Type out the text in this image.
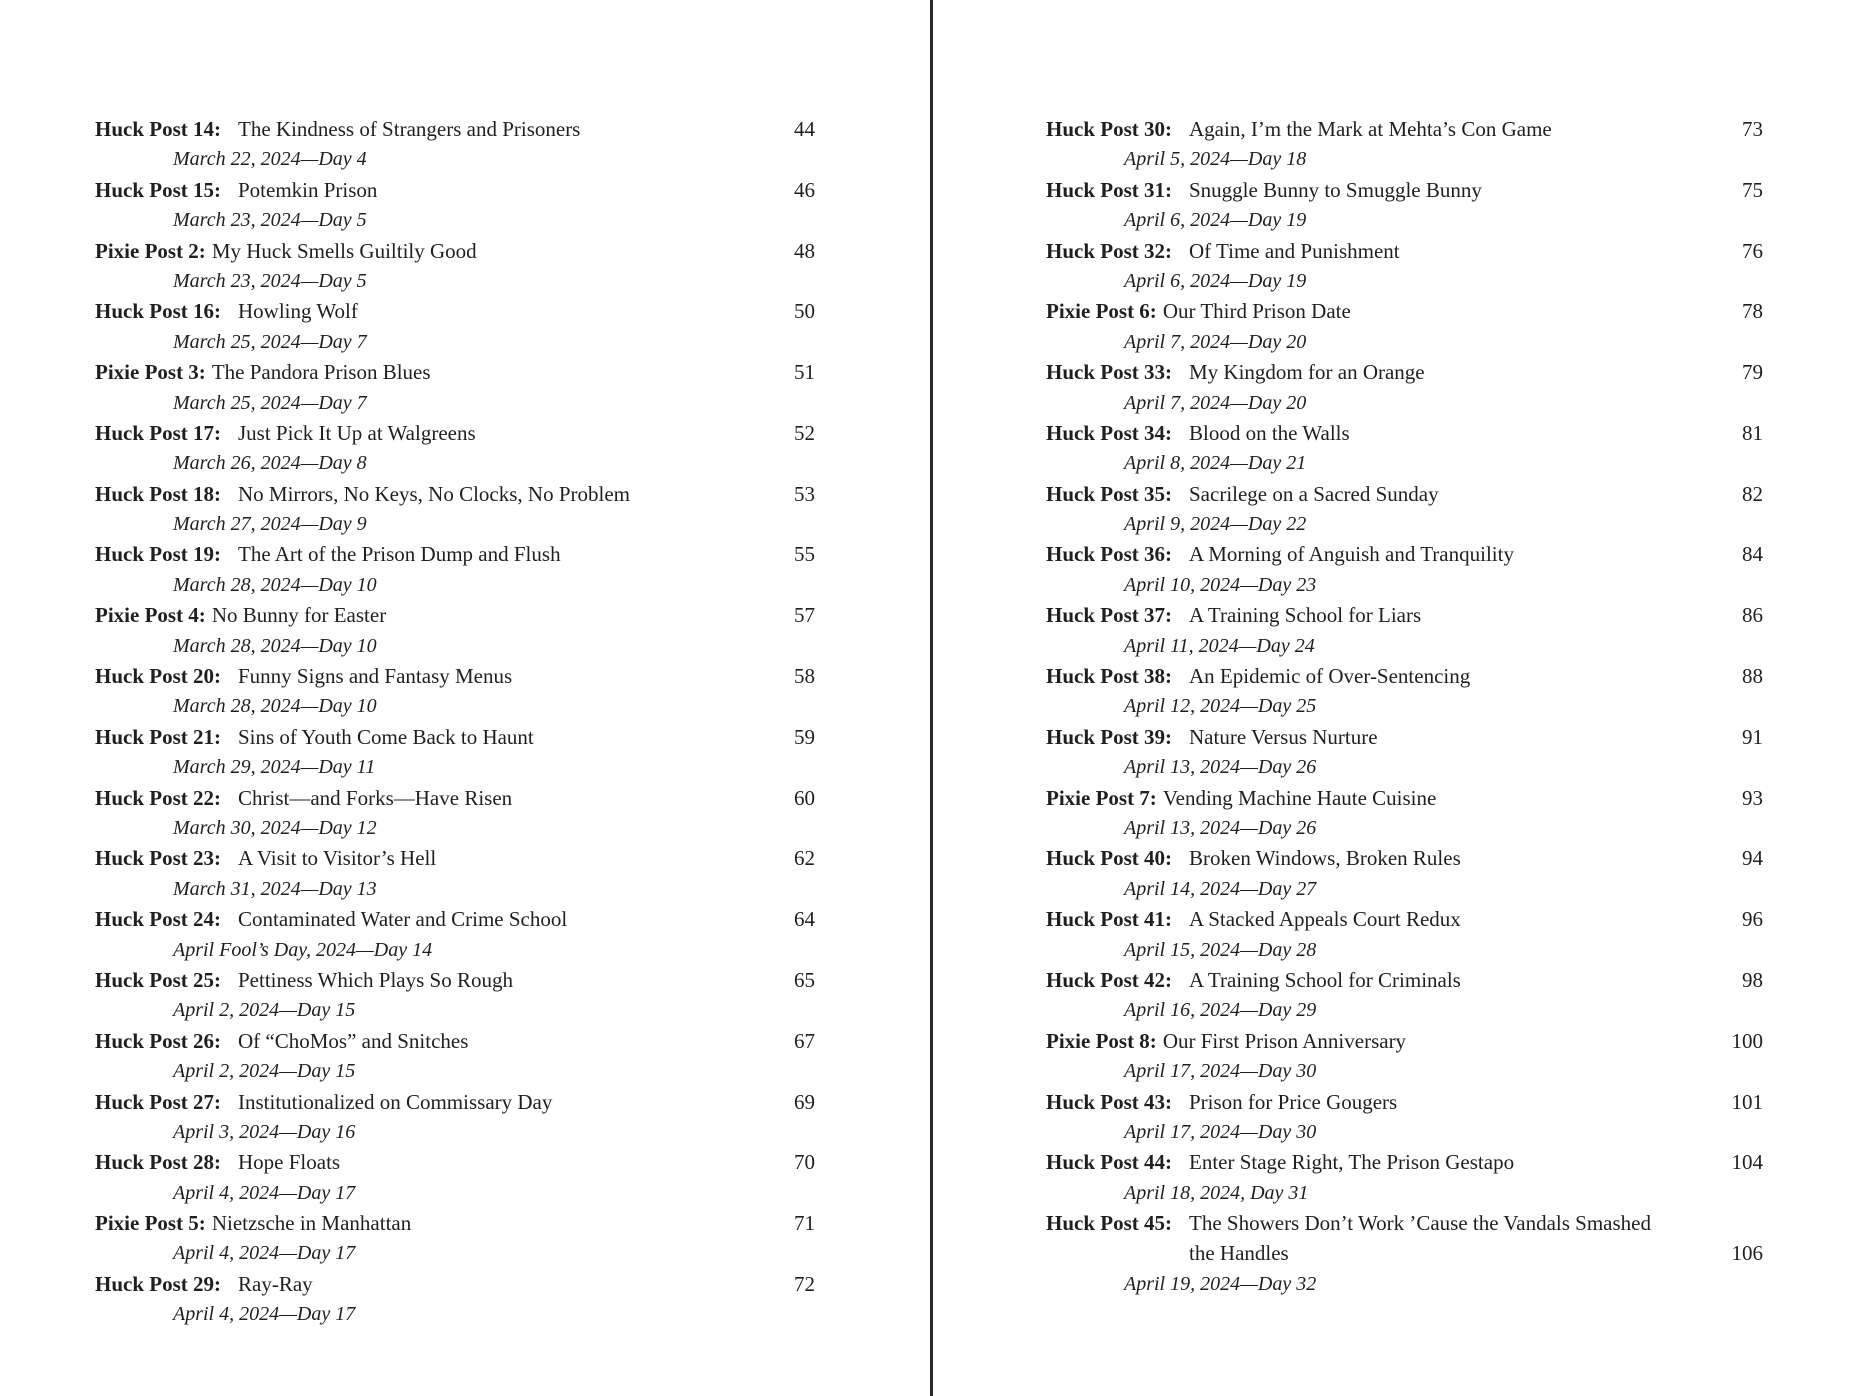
Huck Post 14: The Kindness of Strangers and Prisoners	44
March 22, 2024—Day 4
Huck Post 15: Potemkin Prison	46
March 23, 2024—Day 5
Pixie Post 2: My Huck Smells Guiltily Good	48
March 23, 2024—Day 5
Huck Post 16: Howling Wolf	50
March 25, 2024—Day 7
Pixie Post 3: The Pandora Prison Blues	51
March 25, 2024—Day 7
Huck Post 17: Just Pick It Up at Walgreens	52
March 26, 2024—Day 8
Huck Post 18: No Mirrors, No Keys, No Clocks, No Problem	53
March 27, 2024—Day 9
Huck Post 19: The Art of the Prison Dump and Flush	55
March 28, 2024—Day 10
Pixie Post 4: No Bunny for Easter	57
March 28, 2024—Day 10
Huck Post 20: Funny Signs and Fantasy Menus	58
March 28, 2024—Day 10
Huck Post 21: Sins of Youth Come Back to Haunt	59
March 29, 2024—Day 11
Huck Post 22: Christ—and Forks—Have Risen	60
March 30, 2024—Day 12
Huck Post 23: A Visit to Visitor’s Hell	62
March 31, 2024—Day 13
Huck Post 24: Contaminated Water and Crime School	64
April Fool’s Day, 2024—Day 14
Huck Post 25: Pettiness Which Plays So Rough	65
April 2, 2024—Day 15
Huck Post 26: Of “ChoMos” and Snitches	67
April 2, 2024—Day 15
Huck Post 27: Institutionalized on Commissary Day	69
April 3, 2024—Day 16
Huck Post 28: Hope Floats	70
April 4, 2024—Day 17
Pixie Post 5: Nietzsche in Manhattan	71
April 4, 2024—Day 17
Huck Post 29: Ray-Ray	72
April 4, 2024—Day 17
Huck Post 30: Again, I’m the Mark at Mehta’s Con Game	73
April 5, 2024—Day 18
Huck Post 31: Snuggle Bunny to Smuggle Bunny	75
April 6, 2024—Day 19
Huck Post 32: Of Time and Punishment	76
April 6, 2024—Day 19
Pixie Post 6: Our Third Prison Date	78
April 7, 2024—Day 20
Huck Post 33: My Kingdom for an Orange	79
April 7, 2024—Day 20
Huck Post 34: Blood on the Walls	81
April 8, 2024—Day 21
Huck Post 35: Sacrilege on a Sacred Sunday	82
April 9, 2024—Day 22
Huck Post 36: A Morning of Anguish and Tranquility	84
April 10, 2024—Day 23
Huck Post 37: A Training School for Liars	86
April 11, 2024—Day 24
Huck Post 38: An Epidemic of Over-Sentencing	88
April 12, 2024—Day 25
Huck Post 39: Nature Versus Nurture	91
April 13, 2024—Day 26
Pixie Post 7: Vending Machine Haute Cuisine	93
April 13, 2024—Day 26
Huck Post 40: Broken Windows, Broken Rules	94
April 14, 2024—Day 27
Huck Post 41: A Stacked Appeals Court Redux	96
April 15, 2024—Day 28
Huck Post 42: A Training School for Criminals	98
April 16, 2024—Day 29
Pixie Post 8: Our First Prison Anniversary	100
April 17, 2024—Day 30
Huck Post 43: Prison for Price Gougers	101
April 17, 2024—Day 30
Huck Post 44: Enter Stage Right, The Prison Gestapo	104
April 18, 2024, Day 31
Huck Post 45: The Showers Don’t Work ’Cause the Vandals Smashed
the Handles	106
April 19, 2024—Day 32
